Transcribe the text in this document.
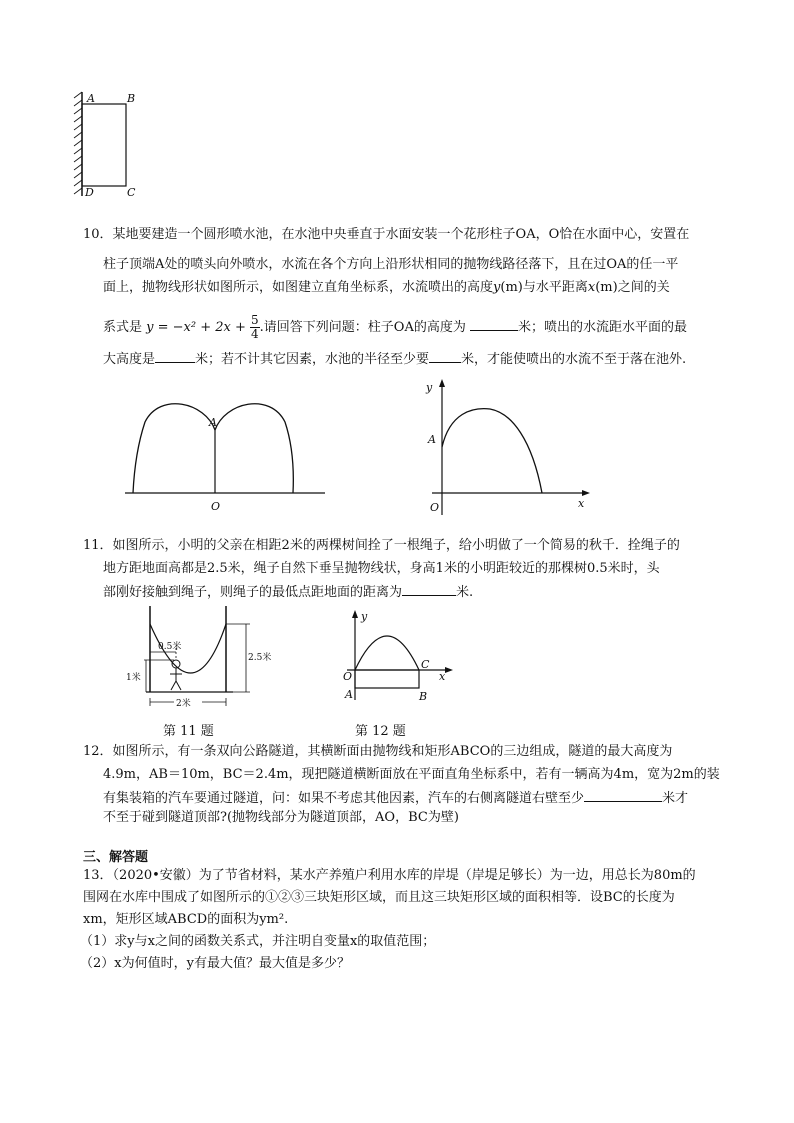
A	B
C
D
10．某地要建造一个圆形喷水池，在水池中央垂直于水面安装一个花形柱子OA，O恰在水面中心，安置在
柱子顶端A处的喷头向外喷水，水流在各个方向上沿形状相同的抛物线路径落下，且在过OA的任一平
面上，抛物线形状如图所示，如图建立直角坐标系，水流喷出的高度y(m)与水平距离x(m)之间的关
系式是 $y = -x^2 + 2x + \frac{5}{4}$ .请回答下列问题：柱子OA的高度为	米；喷出的水流距水平面的最
大高度是	米；若不计其它因素，水池的半径至少要 米，才能使喷出的水流不至于落在池外.
A
O
y
A
O	x
11．如图所示，小明的父亲在相距2米的两棵树间拴了一根绳子，给小明做了一个简易的秋千．拴绳子的
地方距地面高都是2.5米，绳子自然下垂呈抛物线状，身高1米的小明距较近的那棵树0.5米时，头
部刚好接触到绳子，则绳子的最低点距地面的距离为	米.
0.5米
2.5米
1米
2米
y
O
C
x
A	B
第 11 题	第 12 题
12．如图所示，有一条双向公路隧道，其横断面由抛物线和矩形ABCO的三边组成，隧道的最大高度为
4.9m，AB＝10m，BC＝2.4m，现把隧道横断面放在平面直角坐标系中，若有一辆高为4m，宽为2m的装
有集装箱的汽车要通过隧道，问：如果不考虑其他因素，汽车的右侧离隧道右壁至少	米才
不至于碰到隧道顶部?(抛物线部分为隧道顶部，AO，BC为壁)
三、解答题
13．（2020•安徽）为了节省材料，某水产养殖户利用水库的岸堤（岸堤足够长）为一边，用总长为80m的
围网在水库中围成了如图所示的①②③三块矩形区域，而且这三块矩形区域的面积相等．设BC的长度为
xm，矩形区域ABCD的面积为ym².
（1）求y与x之间的函数关系式，并注明自变量x的取值范围；
（2）x为何值时，y有最大值？最大值是多少？
